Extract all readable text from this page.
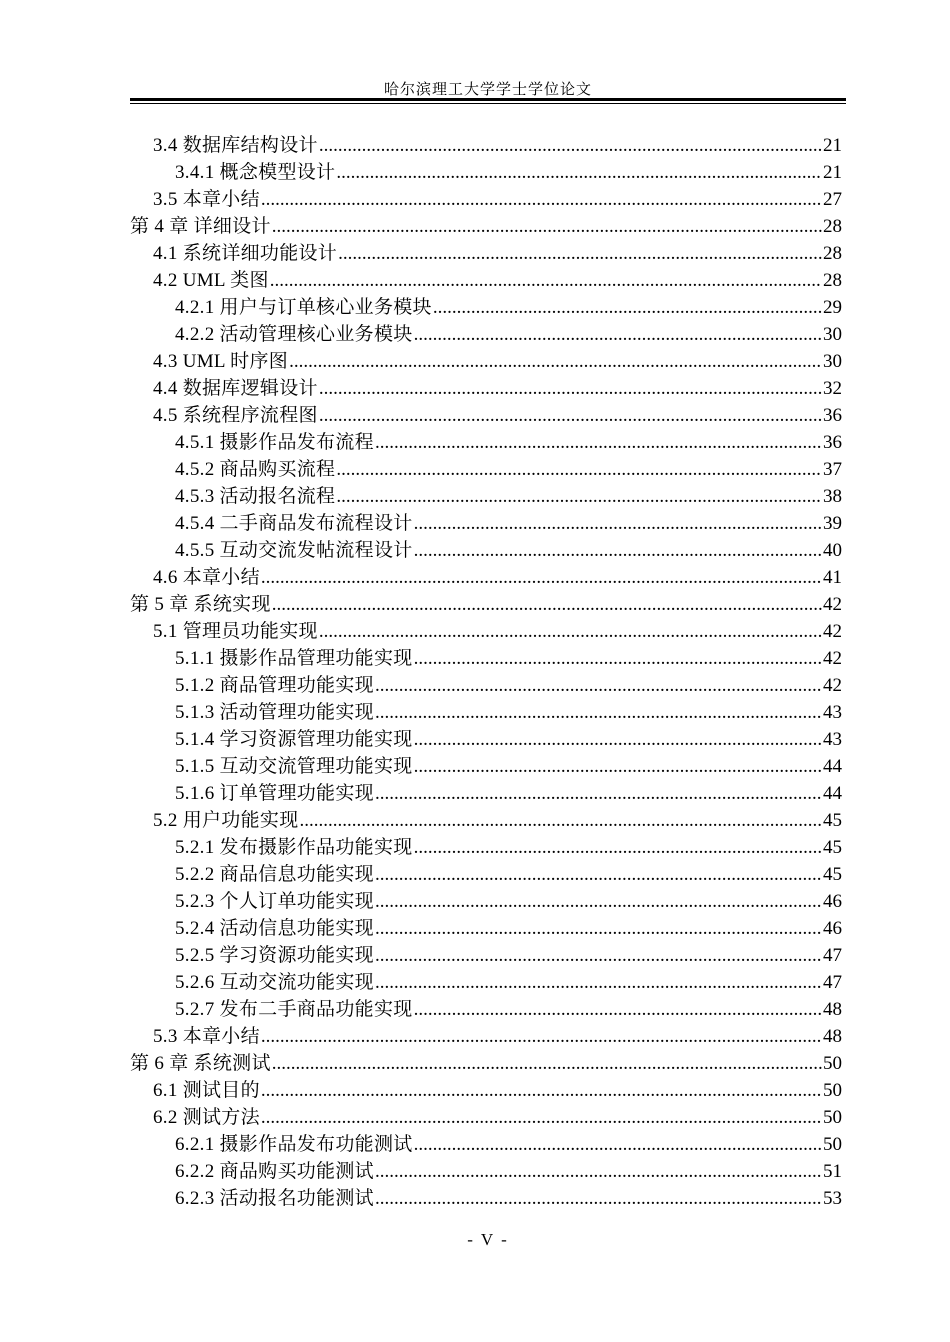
哈尔滨理工大学学士学位论文
3.4 数据库结构设计 .....	21
3.4.1 概念模型设计 .....	21
3.5 本章小结 .....	27
第 4 章 详细设计 .....	28
4.1 系统详细功能设计 .....	28
4.2 UML 类图 .....	28
4.2.1 用户与订单核心业务模块 .....	29
4.2.2 活动管理核心业务模块 .....	30
4.3 UML 时序图 .....	30
4.4 数据库逻辑设计 .....	32
4.5 系统程序流程图 .....	36
4.5.1 摄影作品发布流程 .....	36
4.5.2 商品购买流程 .....	37
4.5.3 活动报名流程 .....	38
4.5.4 二手商品发布流程设计 .....	39
4.5.5 互动交流发帖流程设计 .....	40
4.6 本章小结 .....	41
第 5 章 系统实现 .....	42
5.1 管理员功能实现 .....	42
5.1.1 摄影作品管理功能实现 .....	42
5.1.2 商品管理功能实现 .....	42
5.1.3 活动管理功能实现 .....	43
5.1.4 学习资源管理功能实现 .....	43
5.1.5 互动交流管理功能实现 .....	44
5.1.6 订单管理功能实现 .....	44
5.2 用户功能实现 .....	45
5.2.1 发布摄影作品功能实现 .....	45
5.2.2 商品信息功能实现 .....	45
5.2.3 个人订单功能实现 .....	46
5.2.4 活动信息功能实现 .....	46
5.2.5 学习资源功能实现 .....	47
5.2.6 互动交流功能实现 .....	47
5.2.7 发布二手商品功能实现 .....	48
5.3 本章小结 .....	48
第 6 章 系统测试 .....	50
6.1 测试目的 .....	50
6.2 测试方法 .....	50
6.2.1 摄影作品发布功能测试 .....	50
6.2.2 商品购买功能测试 .....	51
6.2.3 活动报名功能测试 .....	53
- V -
